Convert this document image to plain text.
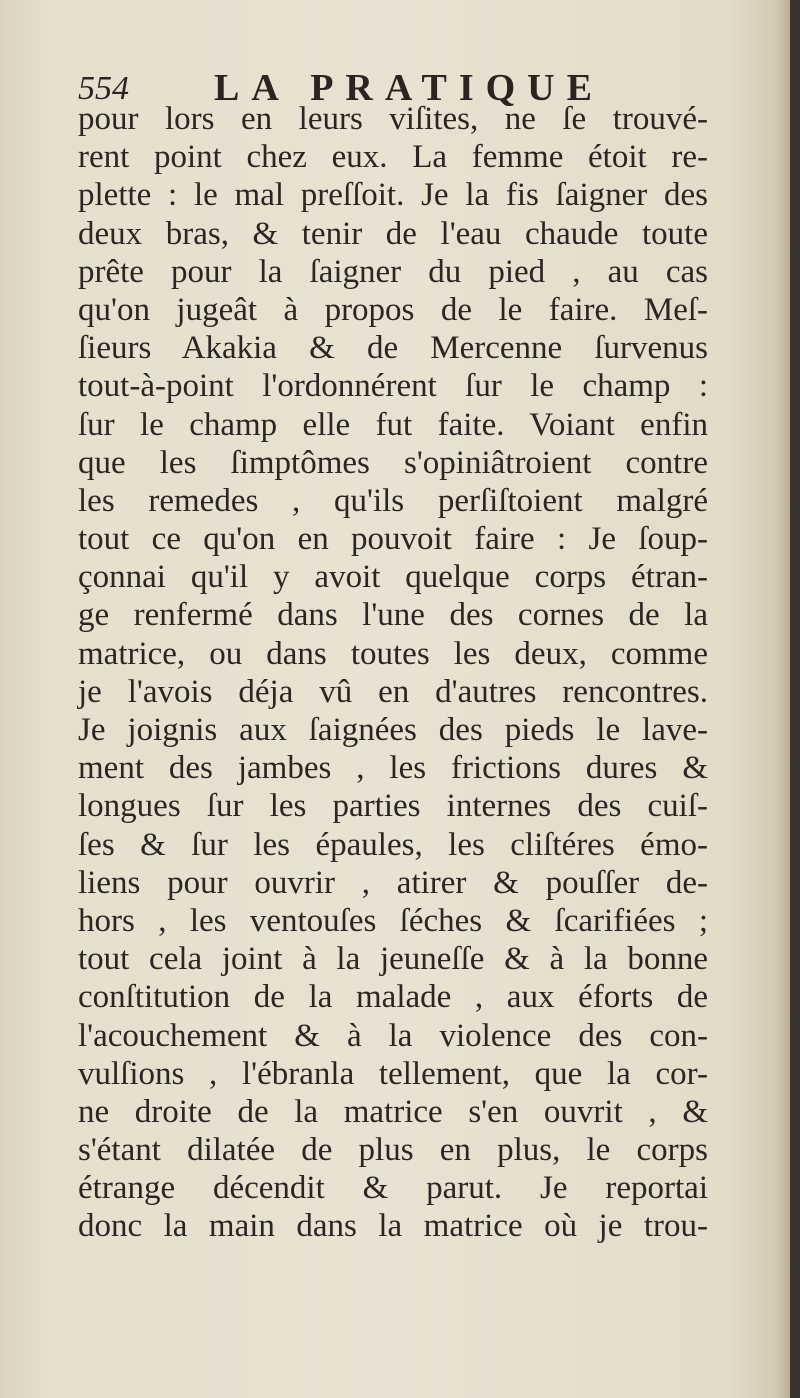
554 LA PRATIQUE
pour lors en leurs viſites, ne ſe trouvé-
rent point chez eux. La femme étoit re-
plette : le mal preſſoit. Je la fis ſaigner des
deux bras, & tenir de l'eau chaude toute
prête pour la ſaigner du pied , au cas
qu'on jugeât à propos de le faire. Meſ-
ſieurs Akakia & de Mercenne ſurvenus
tout-à-point l'ordonnérent ſur le champ :
ſur le champ elle fut faite. Voiant enfin
que les ſimptômes s'opiniâtroient contre
les remedes , qu'ils perſiſtoient malgré
tout ce qu'on en pouvoit faire : Je ſoup-
çonnai qu'il y avoit quelque corps étran-
ge renfermé dans l'une des cornes de la
matrice, ou dans toutes les deux, comme
je l'avois déja vû en d'autres rencontres.
Je joignis aux ſaignées des pieds le lave-
ment des jambes , les frictions dures &
longues ſur les parties internes des cuiſ-
ſes & ſur les épaules, les cliſtéres émo-
liens pour ouvrir , atirer & pouſſer de-
hors , les ventouſes ſéches & ſcarifiées ;
tout cela joint à la jeuneſſe & à la bonne
conſtitution de la malade , aux éforts de
l'acouchement & à la violence des con-
vulſions , l'ébranla tellement, que la cor-
ne droite de la matrice s'en ouvrit , &
s'étant dilatée de plus en plus, le corps
étrange décendit & parut. Je reportai
donc la main dans la matrice où je trou-
